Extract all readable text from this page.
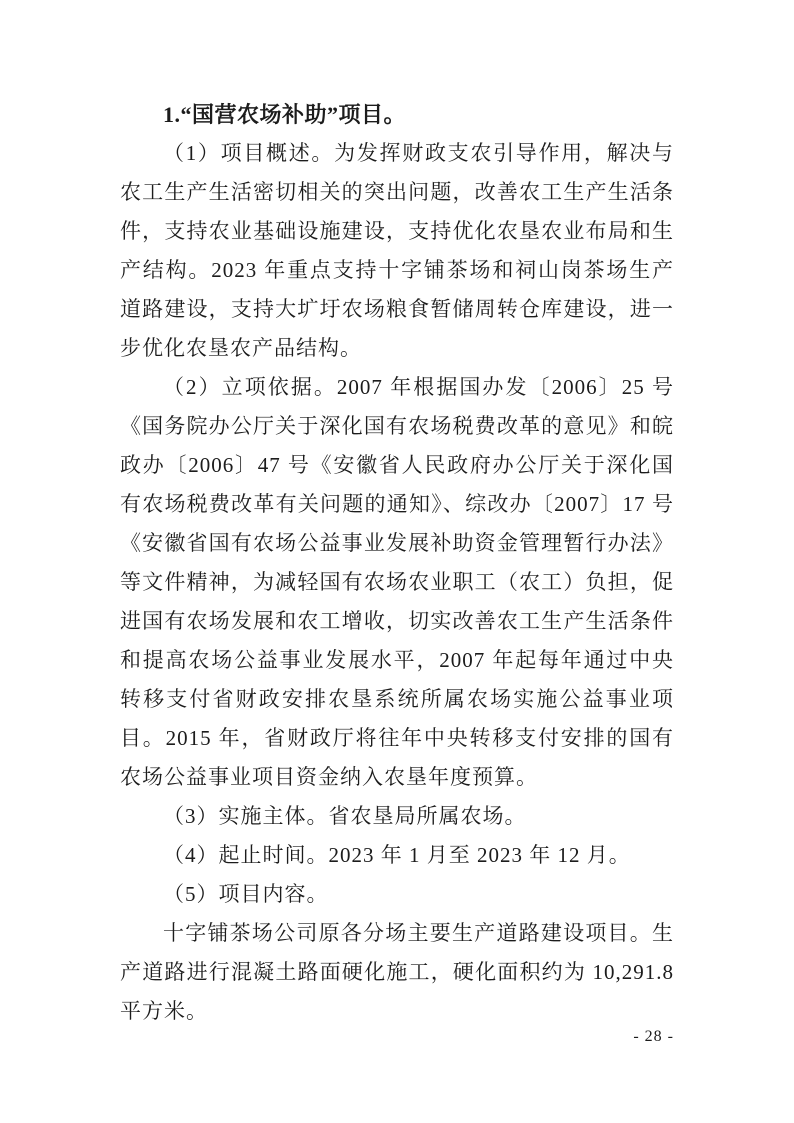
1.“国营农场补助”项目。

（1）项目概述。为发挥财政支农引导作用，解决与农工生产生活密切相关的突出问题，改善农工生产生活条件，支持农业基础设施建设，支持优化农垦农业布局和生产结构。2023 年重点支持十字铺茶场和祠山岗茶场生产道路建设，支持大圹圩农场粮食暂储周转仓库建设，进一步优化农垦农产品结构。

（2）立项依据。2007 年根据国办发〔2006〕25 号《国务院办公厅关于深化国有农场税费改革的意见》和皖政办〔2006〕47 号《安徽省人民政府办公厅关于深化国有农场税费改革有关问题的通知》、综改办〔2007〕17 号《安徽省国有农场公益事业发展补助资金管理暂行办法》等文件精神，为减轻国有农场农业职工（农工）负担，促进国有农场发展和农工增收，切实改善农工生产生活条件和提高农场公益事业发展水平，2007 年起每年通过中央转移支付省财政安排农垦系统所属农场实施公益事业项目。2015 年，省财政厅将往年中央转移支付安排的国有农场公益事业项目资金纳入农垦年度预算。

（3）实施主体。省农垦局所属农场。

（4）起止时间。2023 年 1 月至 2023 年 12 月。

（5）项目内容。

十字铺茶场公司原各分场主要生产道路建设项目。生产道路进行混凝土路面硬化施工，硬化面积约为 10,291.8 平方米。

- 28 -
